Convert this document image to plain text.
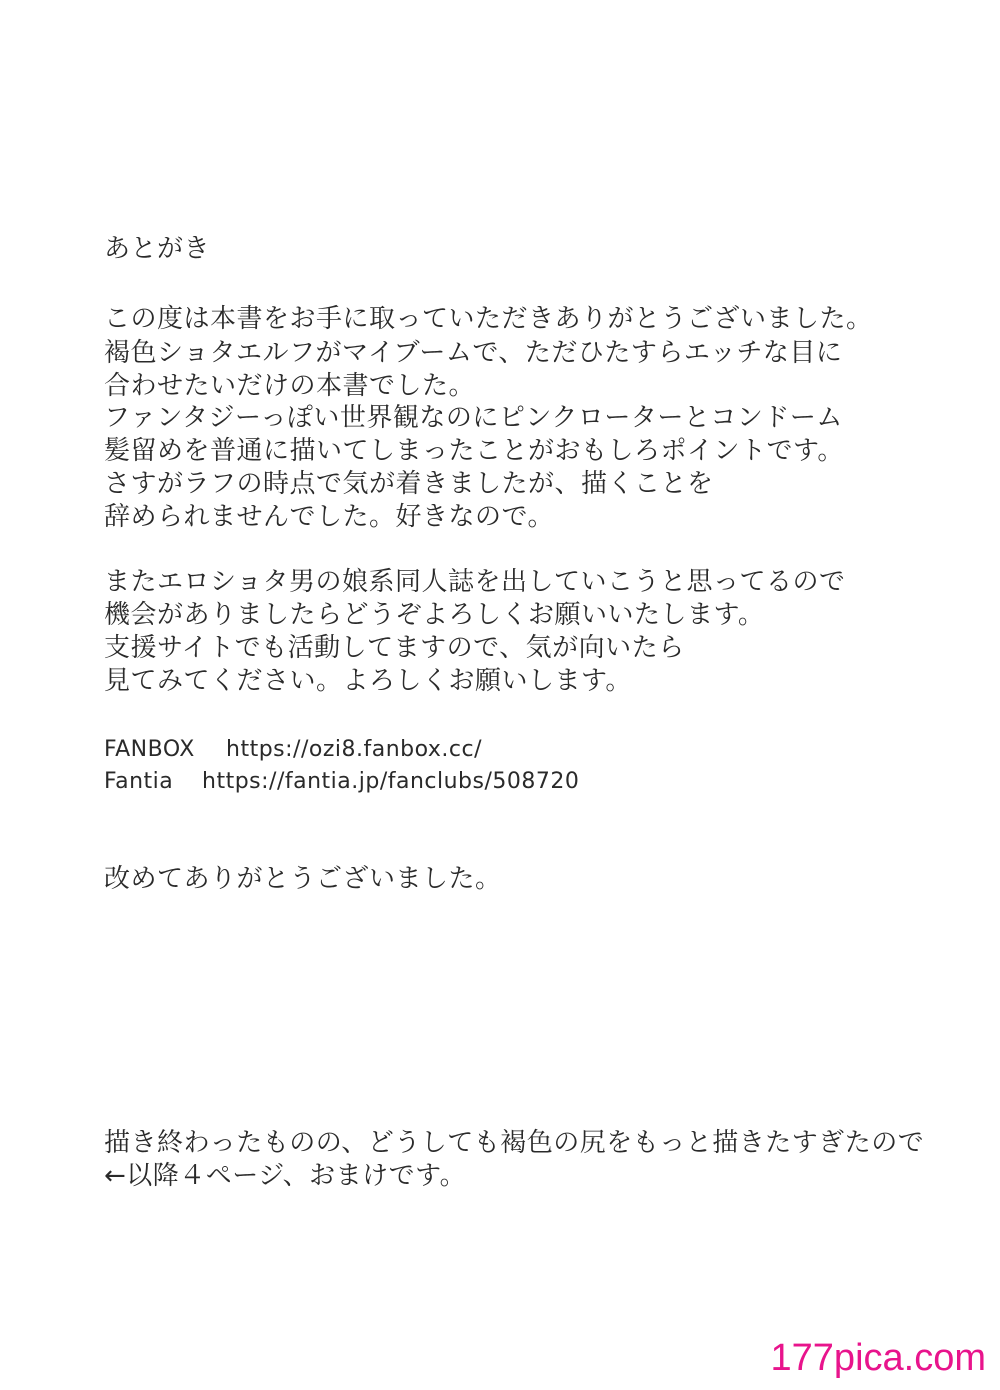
あとがき
この度は本書をお手に取っていただきありがとうございました。
褐色ショタエルフがマイブームで、ただひたすらエッチな目に
合わせたいだけの本書でした。
ファンタジーっぽい世界観なのにピンクローターとコンドーム
髪留めを普通に描いてしまったことがおもしろポイントです。
さすがラフの時点で気が着きましたが、描くことを
辞められませんでした。好きなので。
またエロショタ男の娘系同人誌を出していこうと思ってるので
機会がありましたらどうぞよろしくお願いいたします。
支援サイトでも活動してますので、気が向いたら
見てみてください。よろしくお願いします。
FANBOX https://ozi8.fanbox.cc/
Fantia https://fantia.jp/fanclubs/508720
改めてありがとうございました。
描き終わったものの、どうしても褐色の尻をもっと描きたすぎたので
←以降４ページ、おまけです。
177pica.com
